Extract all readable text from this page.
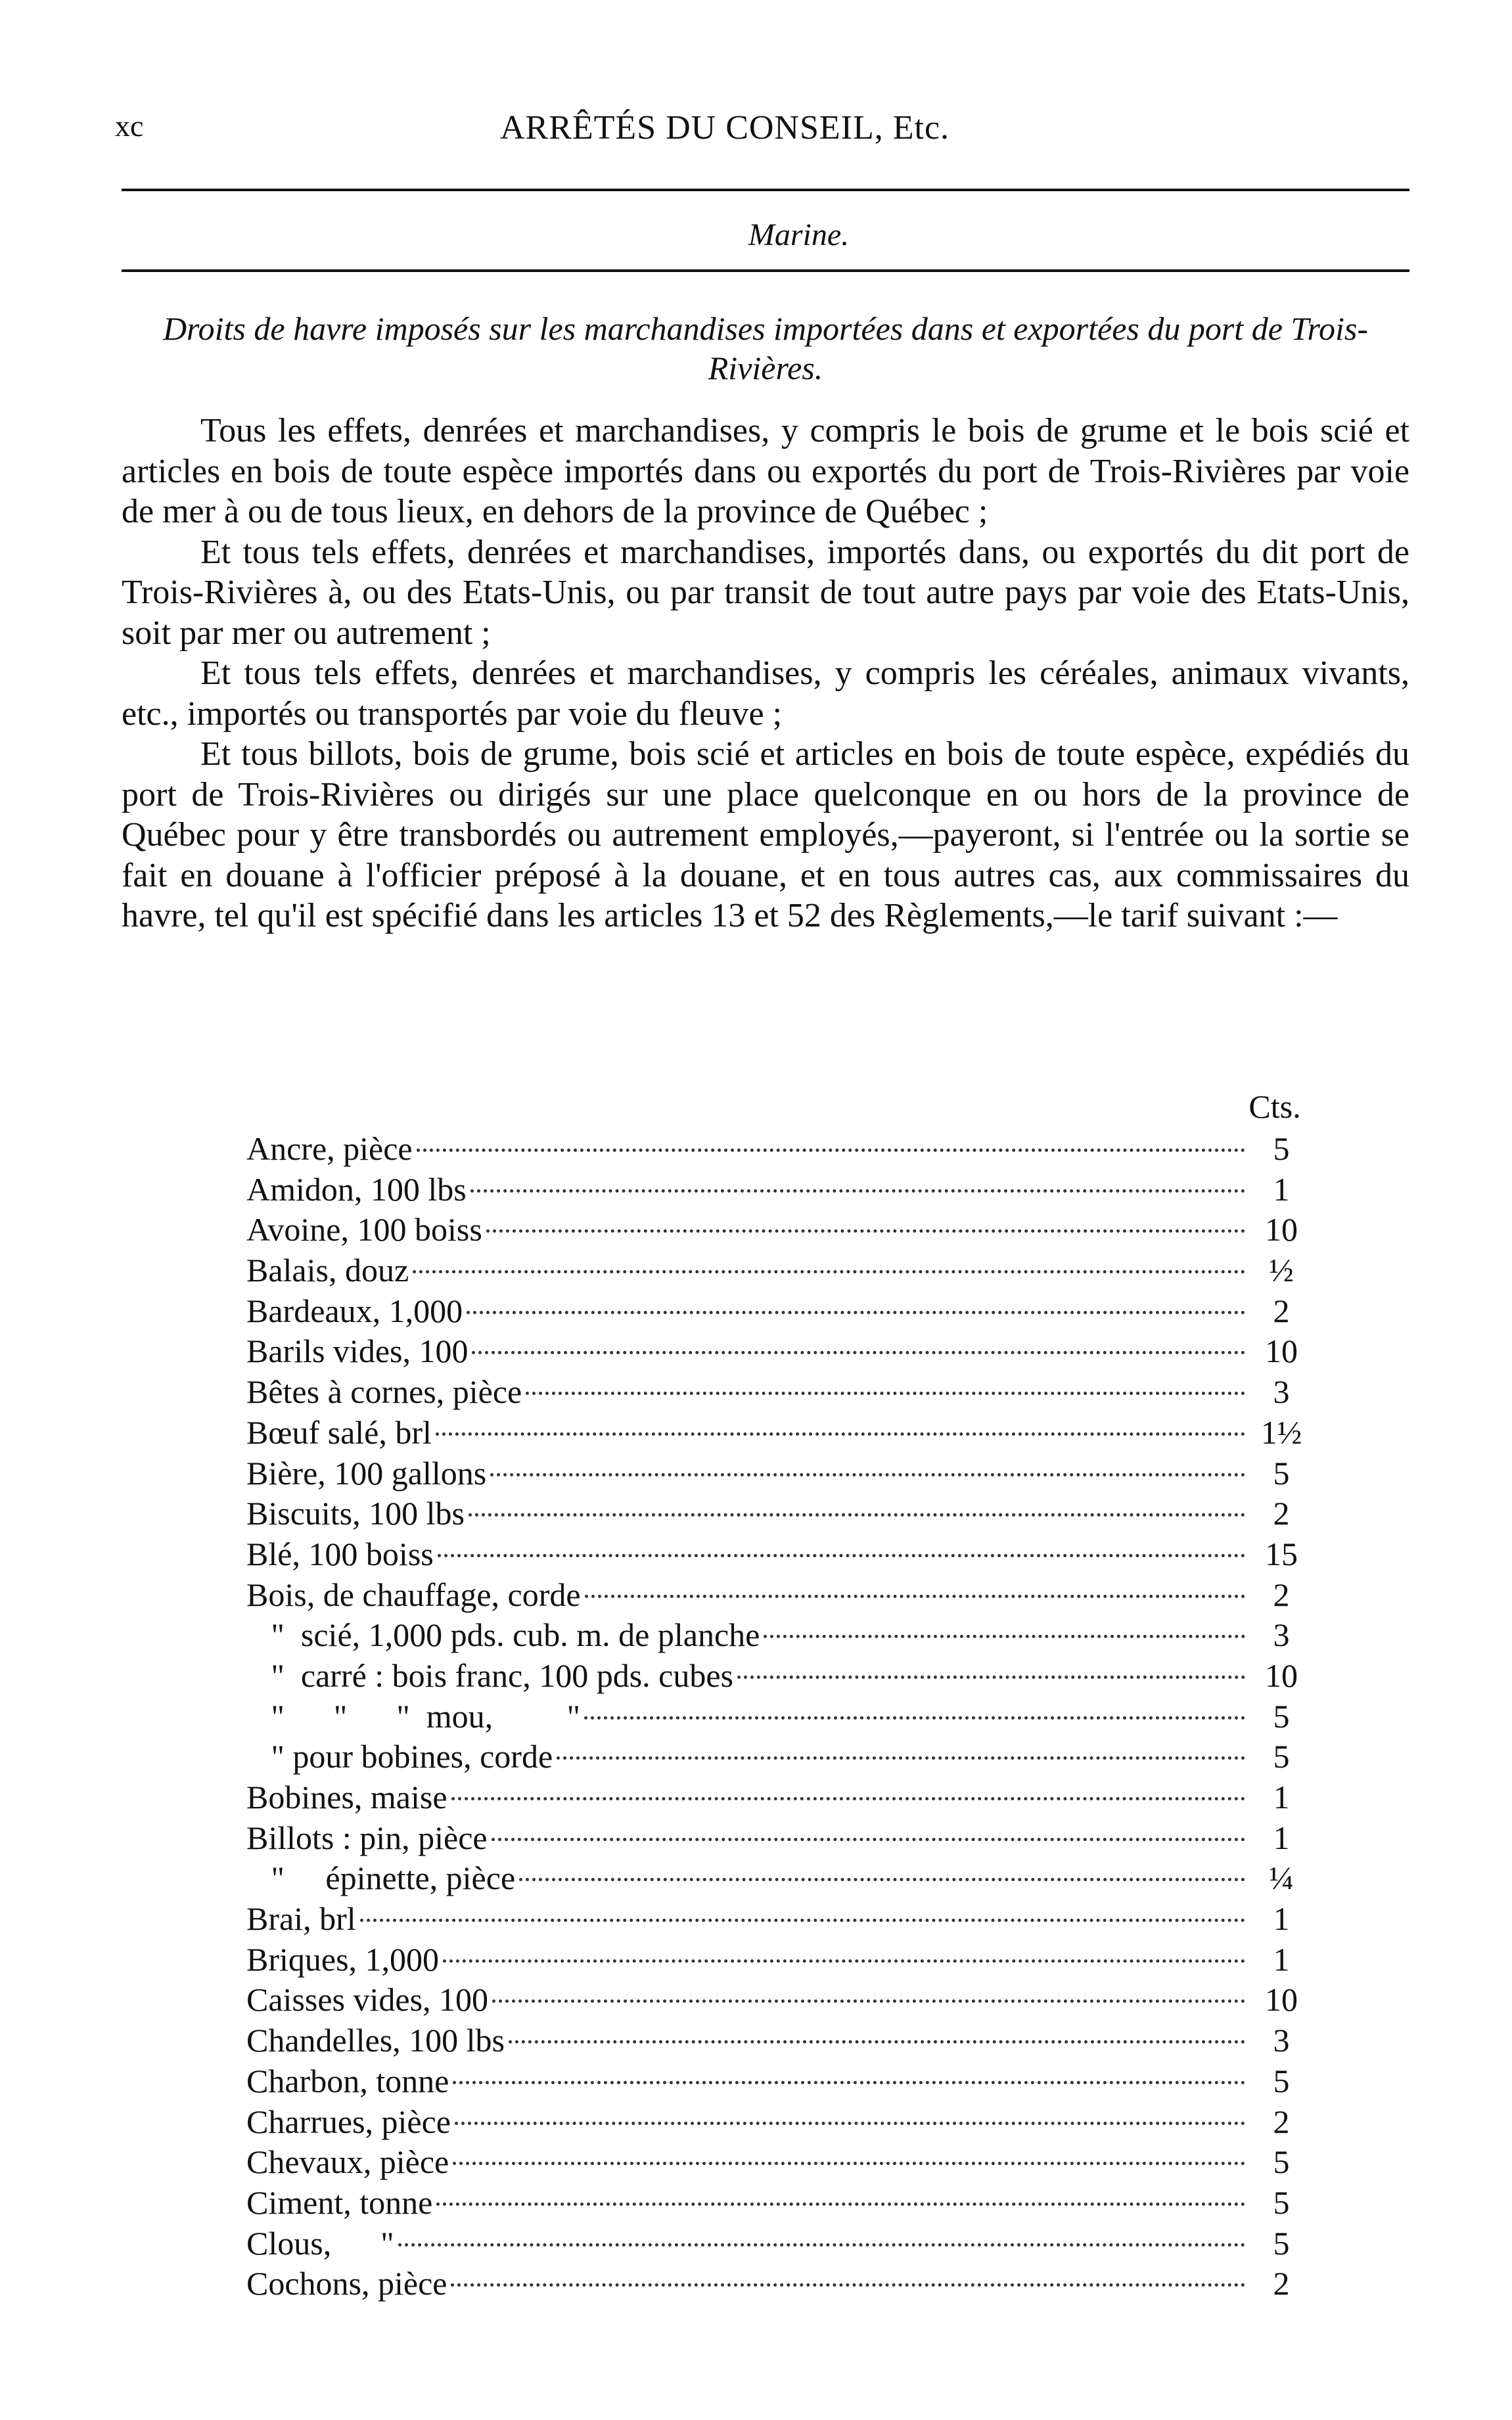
xc	ARRÊTÉS DU CONSEIL, Etc.
Marine.
Droits de havre imposés sur les marchandises importées dans et exportées du port de Trois-Rivières.

Tous les effets, denrées et marchandises, y compris le bois de grume et le bois scié et articles en bois de toute espèce importés dans ou exportés du port de Trois-Rivières par voie de mer à ou de tous lieux, en dehors de la province de Québec ;

Et tous tels effets, denrées et marchandises, importés dans, ou exportés du dit port de Trois-Rivières à, ou des Etats-Unis, ou par transit de tout autre pays par voie des Etats-Unis, soit par mer ou autrement ;

Et tous tels effets, denrées et marchandises, y compris les céréales, animaux vivants, etc., importés ou transportés par voie du fleuve ;

Et tous billots, bois de grume, bois scié et articles en bois de toute espèce, expédiés du port de Trois-Rivières ou dirigés sur une place quelconque en ou hors de la province de Québec pour y être transbordés ou autrement employés,—payeront, si l'entrée ou la sortie se fait en douane à l'officier préposé à la douane, et en tous autres cas, aux commissaires du havre, tel qu'il est spécifié dans les articles 13 et 52 des Règlements,—le tarif suivant :—

Cts.
Ancre, pièce	5
Amidon, 100 lbs	1
Avoine, 100 boiss	10
Balais, douz	½
Bardeaux, 1,000	2
Barils vides, 100	10
Bêtes à cornes, pièce	3
Bœuf salé, brl	1½
Bière, 100 gallons	5
Biscuits, 100 lbs	2
Blé, 100 boiss	15
Bois, de chauffage, corde	2
"  scié, 1,000 pds. cub. m. de planche	3
"  carré : bois franc, 100 pds. cubes	10
"      "      "  mou,         "	5
" pour bobines, corde	5
Bobines, maise	1
Billots : pin, pièce	1
"     épinette, pièce	¼
Brai, brl	1
Briques, 1,000	1
Caisses vides, 100	10
Chandelles, 100 lbs	3
Charbon, tonne	5
Charrues, pièce	2
Chevaux, pièce	5
Ciment, tonne	5
Clous,      "	5
Cochons, pièce	2
